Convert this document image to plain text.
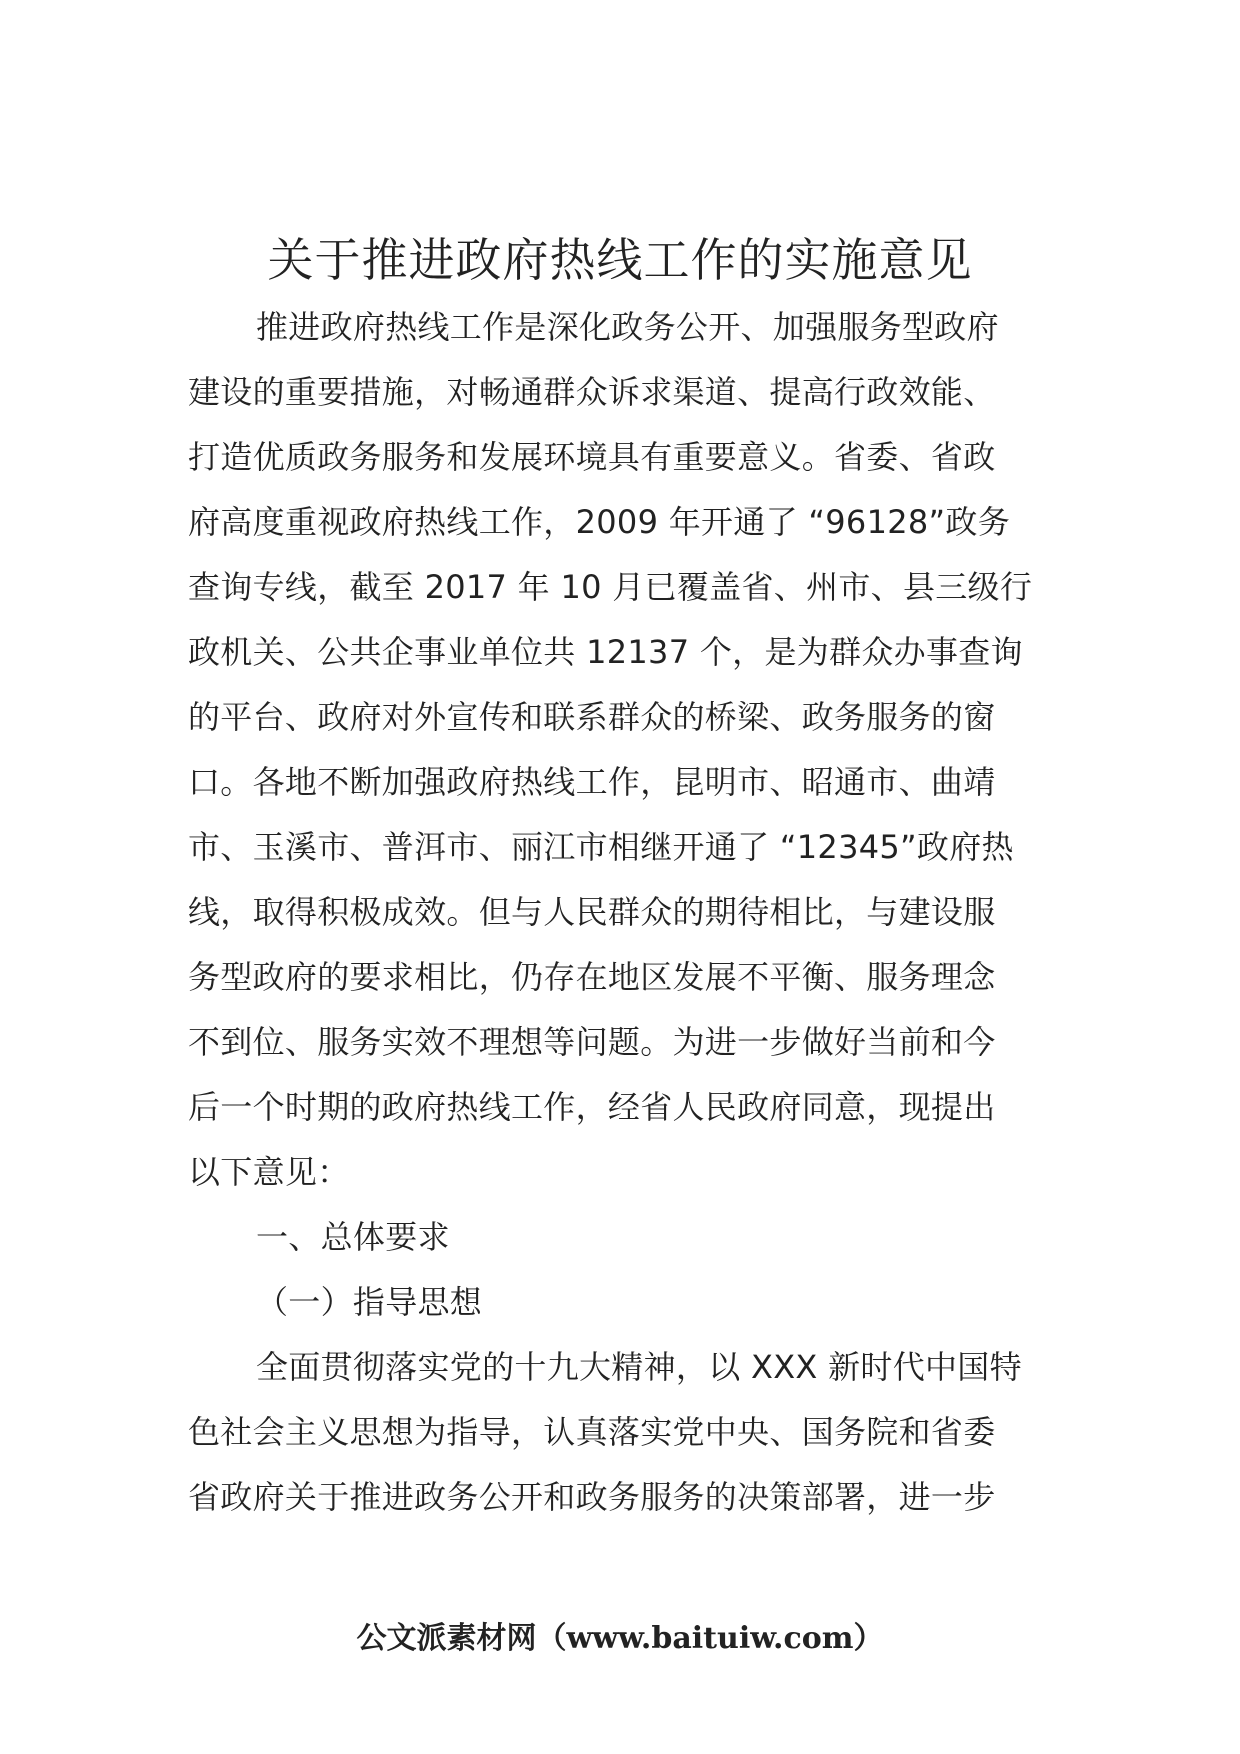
关于推进政府热线工作的实施意见
推进政府热线工作是深化政务公开、加强服务型政府
建设的重要措施，对畅通群众诉求渠道、提高行政效能、
打造优质政务服务和发展环境具有重要意义。省委、省政
府高度重视政府热线工作，2009 年开通了 “96128”政务
查询专线，截至 2017 年 10 月已覆盖省、州市、县三级行
政机关、公共企事业单位共 12137 个，是为群众办事查询
的平台、政府对外宣传和联系群众的桥梁、政务服务的窗
口。各地不断加强政府热线工作，昆明市、昭通市、曲靖
市、玉溪市、普洱市、丽江市相继开通了 “12345”政府热
线，取得积极成效。但与人民群众的期待相比，与建设服
务型政府的要求相比，仍存在地区发展不平衡、服务理念
不到位、服务实效不理想等问题。为进一步做好当前和今
后一个时期的政府热线工作，经省人民政府同意，现提出
以下意见：
一、总体要求
（一）指导思想
全面贯彻落实党的十九大精神，以 XXX 新时代中国特
色社会主义思想为指导，认真落实党中央、国务院和省委
省政府关于推进政务公开和政务服务的决策部署，进一步
公文派素材网（www.baituiw.com）
